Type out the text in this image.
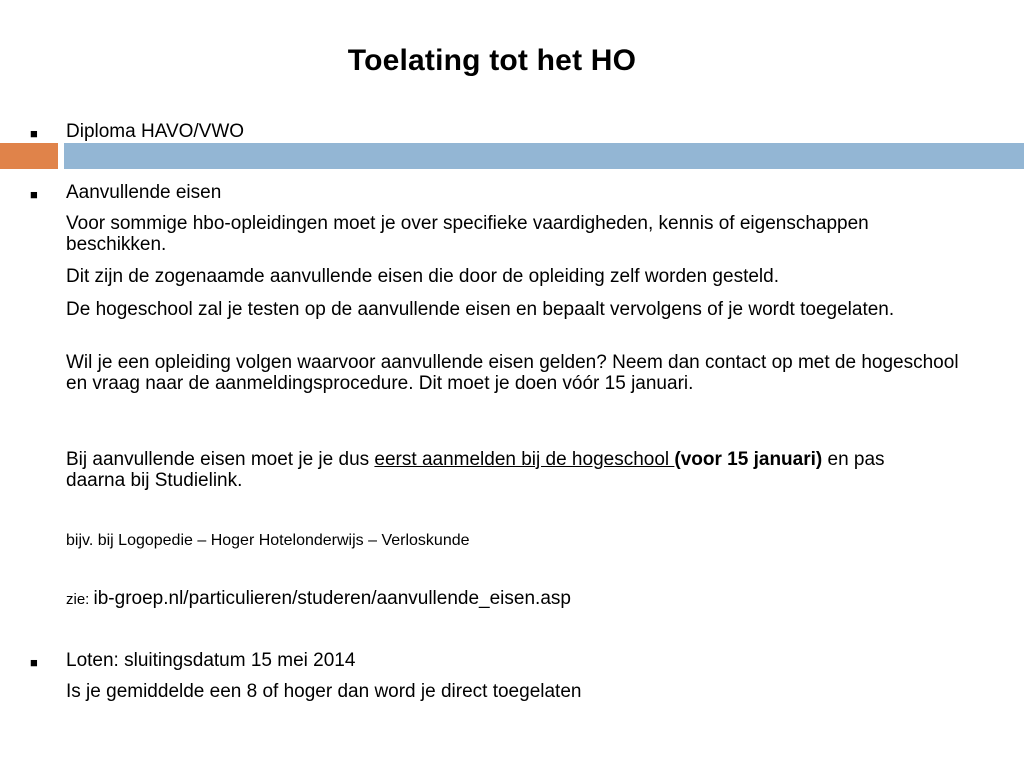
Toelating tot het HO
■ Diploma HAVO/VWO
■ Aanvullende eisen
Voor sommige hbo-opleidingen moet je over specifieke vaardigheden, kennis of eigenschappen beschikken.
Dit zijn de zogenaamde aanvullende eisen die door de opleiding zelf worden gesteld.
De hogeschool zal je testen op de aanvullende eisen en bepaalt vervolgens of je wordt toegelaten.
Wil je een opleiding volgen waarvoor aanvullende eisen gelden? Neem dan contact op met de hogeschool en vraag naar de aanmeldingsprocedure. Dit moet je doen vóór 15 januari.
Bij aanvullende eisen moet je je dus eerst aanmelden bij de hogeschool (voor 15 januari) en pas daarna bij Studielink.
bijv. bij Logopedie – Hoger Hotelonderwijs – Verloskunde
zie: ib-groep.nl/particulieren/studeren/aanvullende_eisen.asp
■ Loten: sluitingsdatum 15 mei 2014
Is je gemiddelde een 8 of hoger dan word je direct toegelaten
